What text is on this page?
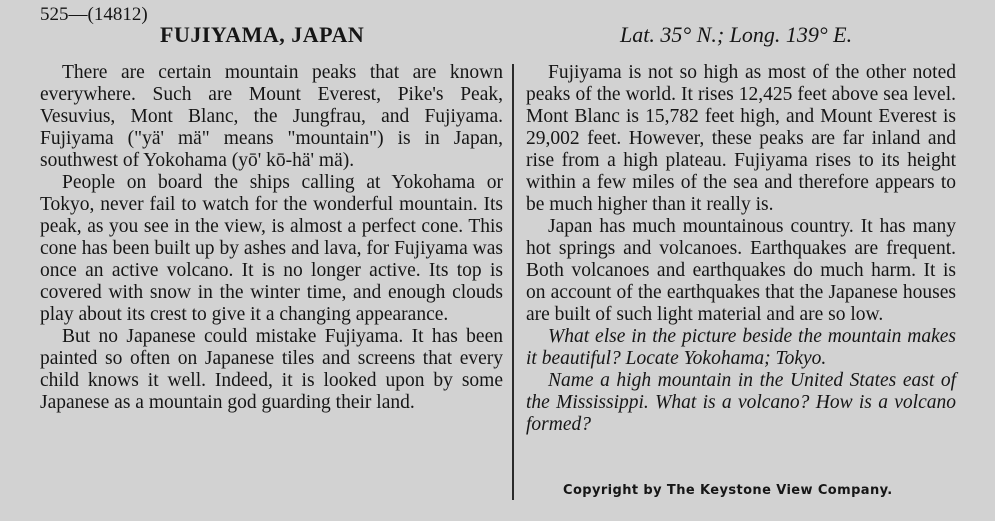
525—(14812)
FUJIYAMA, JAPAN	Lat. 35° N.; Long. 139° E.

There are certain mountain peaks that are known everywhere. Such are Mount Everest, Pike's Peak, Vesuvius, Mont Blanc, the Jungfrau, and Fujiyama. Fujiyama ("yä' mä" means "mountain") is in Japan, southwest of Yokohama (yō' kō-hä' mä).

People on board the ships calling at Yokohama or Tokyo, never fail to watch for the wonderful mountain. Its peak, as you see in the view, is almost a perfect cone. This cone has been built up by ashes and lava, for Fujiyama was once an active volcano. It is no longer active. Its top is covered with snow in the winter time, and enough clouds play about its crest to give it a changing appearance.

But no Japanese could mistake Fujiyama. It has been painted so often on Japanese tiles and screens that every child knows it well. Indeed, it is looked upon by some Japanese as a mountain god guarding their land.

Fujiyama is not so high as most of the other noted peaks of the world. It rises 12,425 feet above sea level. Mont Blanc is 15,782 feet high, and Mount Everest is 29,002 feet. However, these peaks are far inland and rise from a high plateau. Fujiyama rises to its height within a few miles of the sea and therefore appears to be much higher than it really is.

Japan has much mountainous country. It has many hot springs and volcanoes. Earthquakes are frequent. Both volcanoes and earthquakes do much harm. It is on account of the earthquakes that the Japanese houses are built of such light material and are so low.

What else in the picture beside the mountain makes it beautiful? Locate Yokohama; Tokyo.

Name a high mountain in the United States east of the Mississippi. What is a volcano? How is a volcano formed?

Copyright by The Keystone View Company.
